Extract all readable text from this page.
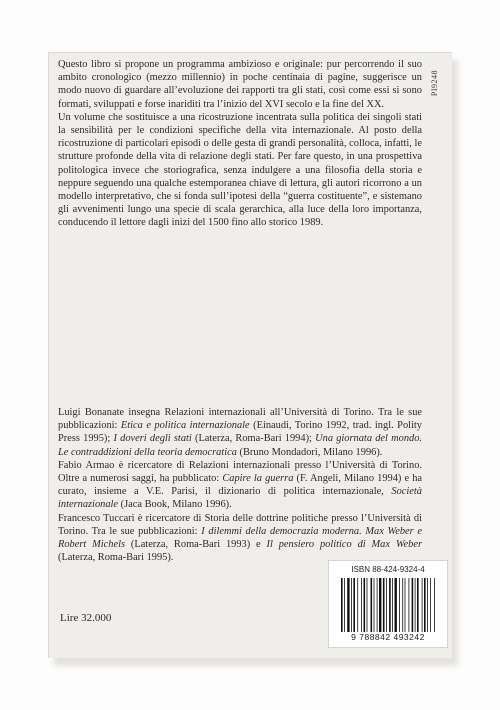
Questo libro si propone un programma ambizioso e originale: pur percorrendo il suo ambito cronologico (mezzo millennio) in poche centinaia di pagine, suggerisce un modo nuovo di guardare all’evoluzione dei rapporti tra gli stati, così come essi si sono formati, sviluppati e forse inariditi tra l’inizio del XVI secolo e la fine del XX.

Un volume che sostituisce a una ricostruzione incentrata sulla politica dei singoli stati la sensibilità per le condizioni specifiche della vita internazionale. Al posto della ricostruzione di particolari episodi o delle gesta di grandi personalità, colloca, infatti, le strutture profonde della vita di relazione degli stati. Per fare questo, in una prospettiva politologica invece che storiografica, senza indulgere a una filosofia della storia e neppure seguendo una qualche estemporanea chiave di lettura, gli autori ricorrono a un modello interpretativo, che si fonda sull’ipotesi della “guerra costituente”, e sistemano gli avvenimenti lungo una specie di scala gerarchica, alla luce della loro importanza, conducendo il lettore dagli inizi del 1500 fino allo storico 1989.

PI9248

Luigi Bonanate insegna Relazioni internazionali all’Università di Torino. Tra le sue pubblicazioni: Etica e politica internazionale (Einaudi, Torino 1992, trad. ingl. Polity Press 1995); I doveri degli stati (Laterza, Roma-Bari 1994); Una giornata del mondo. Le contraddizioni della teoria democratica (Bruno Mondadori, Milano 1996).

Fabio Armao è ricercatore di Relazioni internazionali presso l’Università di Torino. Oltre a numerosi saggi, ha pubblicato: Capire la guerra (F. Angeli, Milano 1994) e ha curato, insieme a V.E. Parisi, il dizionario di politica internazionale, Società internazionale (Jaca Book, Milano 1996).

Francesco Tuccari è ricercatore di Storia delle dottrine politiche presso l’Università di Torino. Tra le sue pubblicazioni: I dilemmi della democrazia moderna. Max Weber e Robert Michels (Laterza, Roma-Bari 1993) e Il pensiero politico di Max Weber (Laterza, Roma-Bari 1995).

Lire 32.000
ISBN 88-424-9324-4
9 788842 493242
